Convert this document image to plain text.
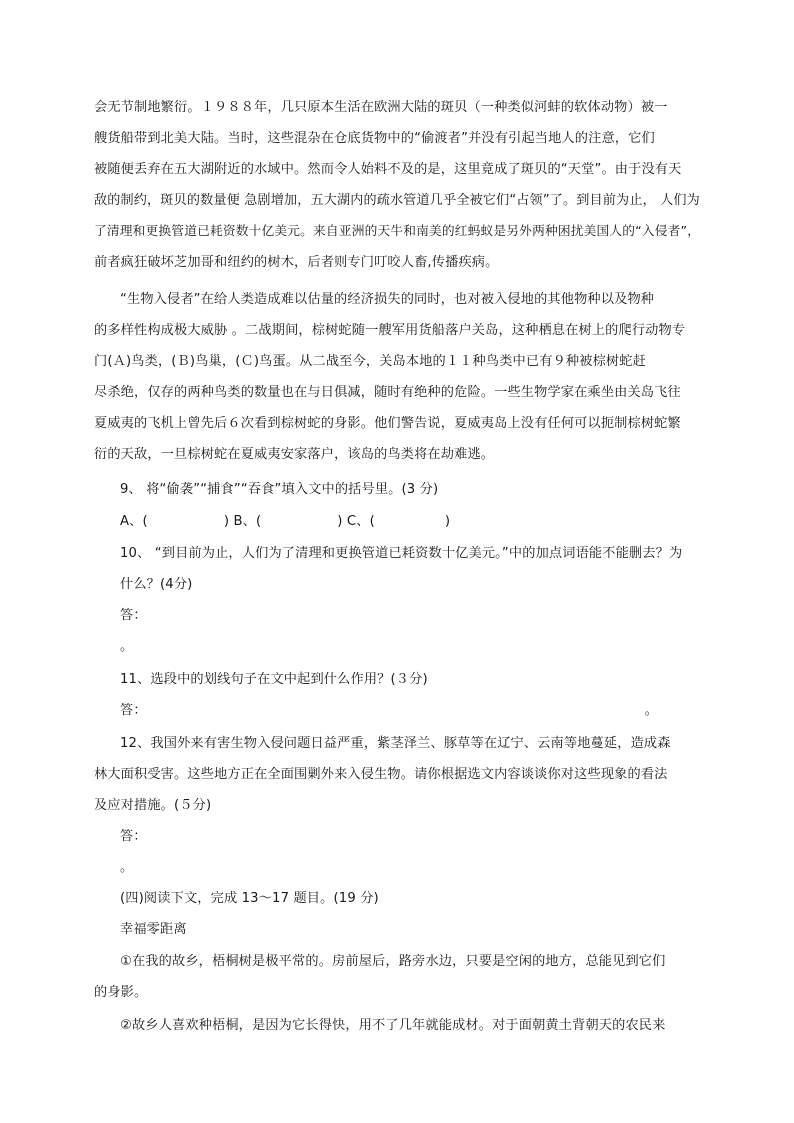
会无节制地繁衍。１９８８年，几只原本生活在欧洲大陆的斑贝（一种类似河蚌的软体动物）被一
艘货船带到北美大陆。当时，这些混杂在仓底货物中的“偷渡者”并没有引起当地人的注意，它们
被随便丢弃在五大湖附近的水域中。然而令人始料不及的是，这里竟成了斑贝的“天堂”。由于没有天
敌的制约，斑贝的数量便 急剧增加，五大湖内的疏水管道几乎全被它们“占领”了。到目前为止， 人们为
了清理和更换管道已耗资数十亿美元。来自亚洲的天牛和南美的红蚂蚁是另外两种困扰美国人的“入侵者”，
前者疯狂破坏芝加哥和纽约的树木，后者则专门叮咬人畜,传播疾病。
“生物入侵者”在给人类造成难以估量的经济损失的同时，也对被入侵地的其他物种以及物种
的多样性构成极大威胁 。二战期间，棕树蛇随一艘军用货船落户关岛，这种栖息在树上的爬行动物专
门(Ａ)鸟类，(Ｂ)鸟巢，(Ｃ)鸟蛋。从二战至今，关岛本地的１１种鸟类中已有９种被棕树蛇赶
尽杀绝，仅存的两种鸟类的数量也在与日俱减，随时有绝种的危险。一些生物学家在乘坐由关岛飞往
夏威夷的飞机上曾先后６次看到棕树蛇的身影。他们警告说，夏威夷岛上没有任何可以扼制棕树蛇繁
衍的天敌，一旦棕树蛇在夏威夷安家落户，该岛的鸟类将在劫难逃。
9、 将“偷袭”“捕食”“吞食”填入文中的括号里。(3 分)
A、(	) B、(	) C、(	)
10、 “到目前为止，人们为了清理和更换管道已耗资数十亿美元。”中的加点词语能不能删去？为
什么？(4分)
答：
。
11、选段中的划线句子在文中起到什么作用？(３分)
答：	。
12、我国外来有害生物入侵问题日益严重，紫茎泽兰、豚草等在辽宁、云南等地蔓延，造成森
林大面积受害。这些地方正在全面围剿外来入侵生物。请你根据选文内容谈谈你对这些现象的看法
及应对措施。(５分)
答：
。
(四)阅读下文，完成 13～17 题目。(19 分)
幸福零距离
①在我的故乡，梧桐树是极平常的。房前屋后，路旁水边，只要是空闲的地方，总能见到它们
的身影。
②故乡人喜欢种梧桐，是因为它长得快，用不了几年就能成材。对于面朝黄土背朝天的农民来
